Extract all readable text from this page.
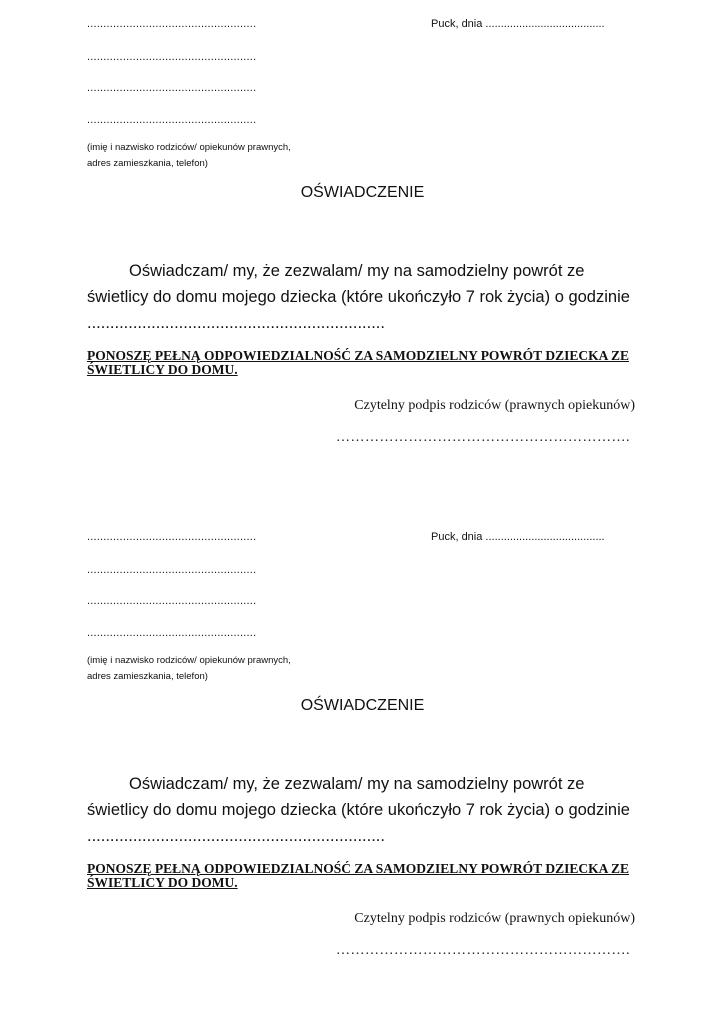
....................................................	Puck, dnia .......................................
....................................................
....................................................
....................................................
(imię i nazwisko rodziców/ opiekunów prawnych,
adres zamieszkania, telefon)
OŚWIADCZENIE

Oświadczam/ my, że zezwalam/ my na samodzielny powrót ze

świetlicy do domu mojego dziecka (które ukończyło 7 rok życia) o godzinie

.................................................................

PONOSZĘ PEŁNĄ ODPOWIEDZIALNOŚĆ ZA SAMODZIELNY POWRÓT DZIECKA ZE ŚWIETLICY DO DOMU.
Czytelny podpis rodziców (prawnych opiekunów)
…………………………………………………….
....................................................	Puck, dnia .......................................
....................................................
....................................................
....................................................
(imię i nazwisko rodziców/ opiekunów prawnych,
adres zamieszkania, telefon)
OŚWIADCZENIE

Oświadczam/ my, że zezwalam/ my na samodzielny powrót ze

świetlicy do domu mojego dziecka (które ukończyło 7 rok życia) o godzinie

.................................................................

PONOSZĘ PEŁNĄ ODPOWIEDZIALNOŚĆ ZA SAMODZIELNY POWRÓT DZIECKA ZE ŚWIETLICY DO DOMU.
Czytelny podpis rodziców (prawnych opiekunów)
…………………………………………………….
